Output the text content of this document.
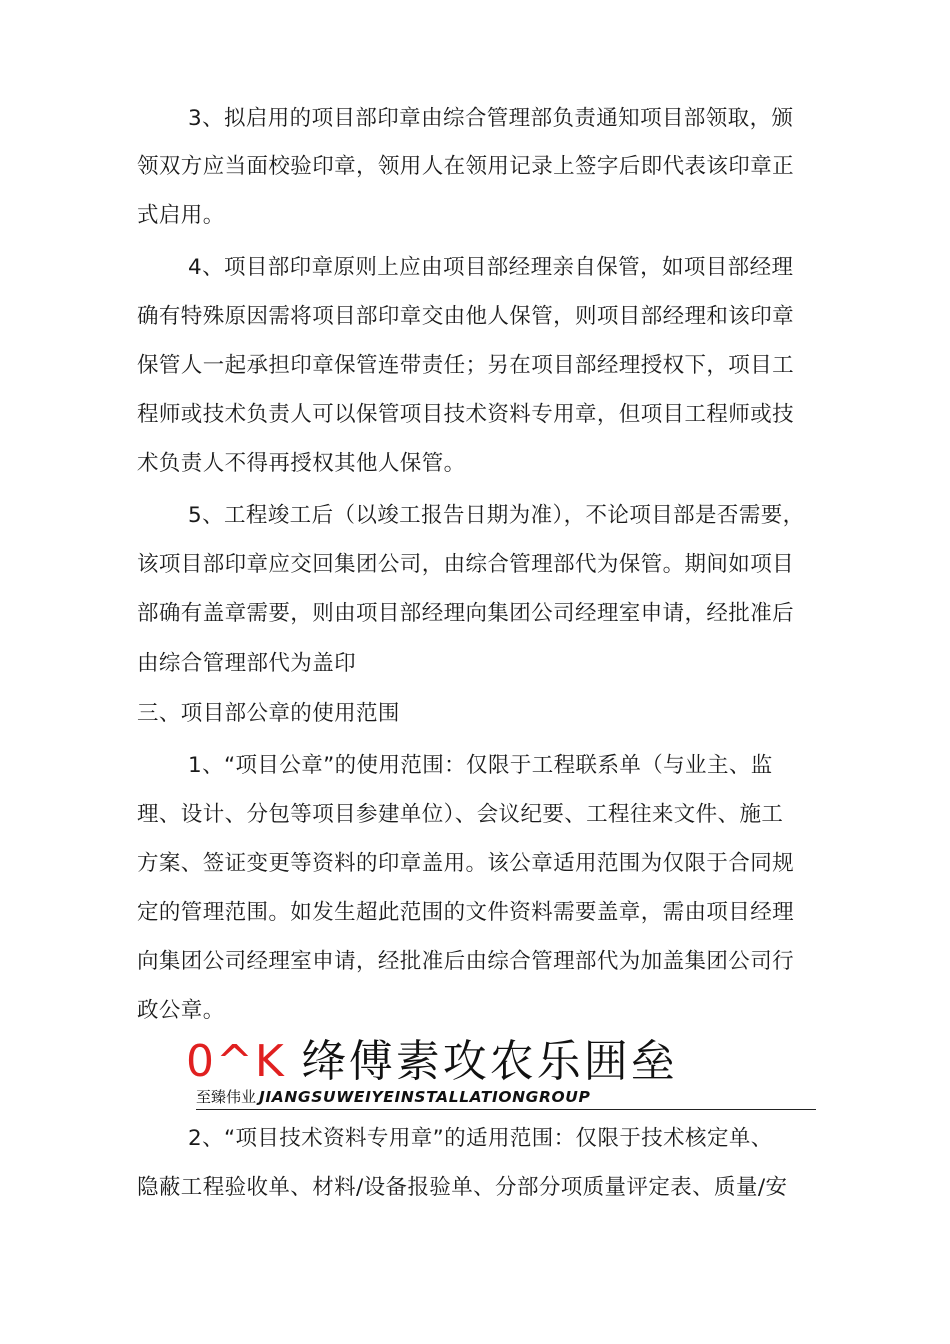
3、拟启用的项目部印章由综合管理部负责通知项目部领取，颁
领双方应当面校验印章，领用人在领用记录上签字后即代表该印章正
式启用。
4、项目部印章原则上应由项目部经理亲自保管，如项目部经理
确有特殊原因需将项目部印章交由他人保管，则项目部经理和该印章
保管人一起承担印章保管连带责任；另在项目部经理授权下，项目工
程师或技术负责人可以保管项目技术资料专用章，但项目工程师或技
术负责人不得再授权其他人保管。
5、工程竣工后（以竣工报告日期为准），不论项目部是否需要，
该项目部印章应交回集团公司，由综合管理部代为保管。期间如项目
部确有盖章需要，则由项目部经理向集团公司经理室申请，经批准后
由综合管理部代为盖印
三、项目部公章的使用范围
1、“项目公章”的使用范围：仅限于工程联系单（与业主、监
理、设计、分包等项目参建单位）、会议纪要、工程往来文件、施工
方案、签证变更等资料的印章盖用。该公章适用范围为仅限于合同规
定的管理范围。如发生超此范围的文件资料需要盖章，需由项目经理
向集团公司经理室申请，经批准后由综合管理部代为加盖集团公司行
政公章。
0^K 绛傅素攻农乐囲垒
至臻伟业 JIANGSUWEIYEINSTALLATIONGROUP
2、“项目技术资料专用章”的适用范围：仅限于技术核定单、
隐蔽工程验收单、材料/设备报验单、分部分项质量评定表、质量/安
